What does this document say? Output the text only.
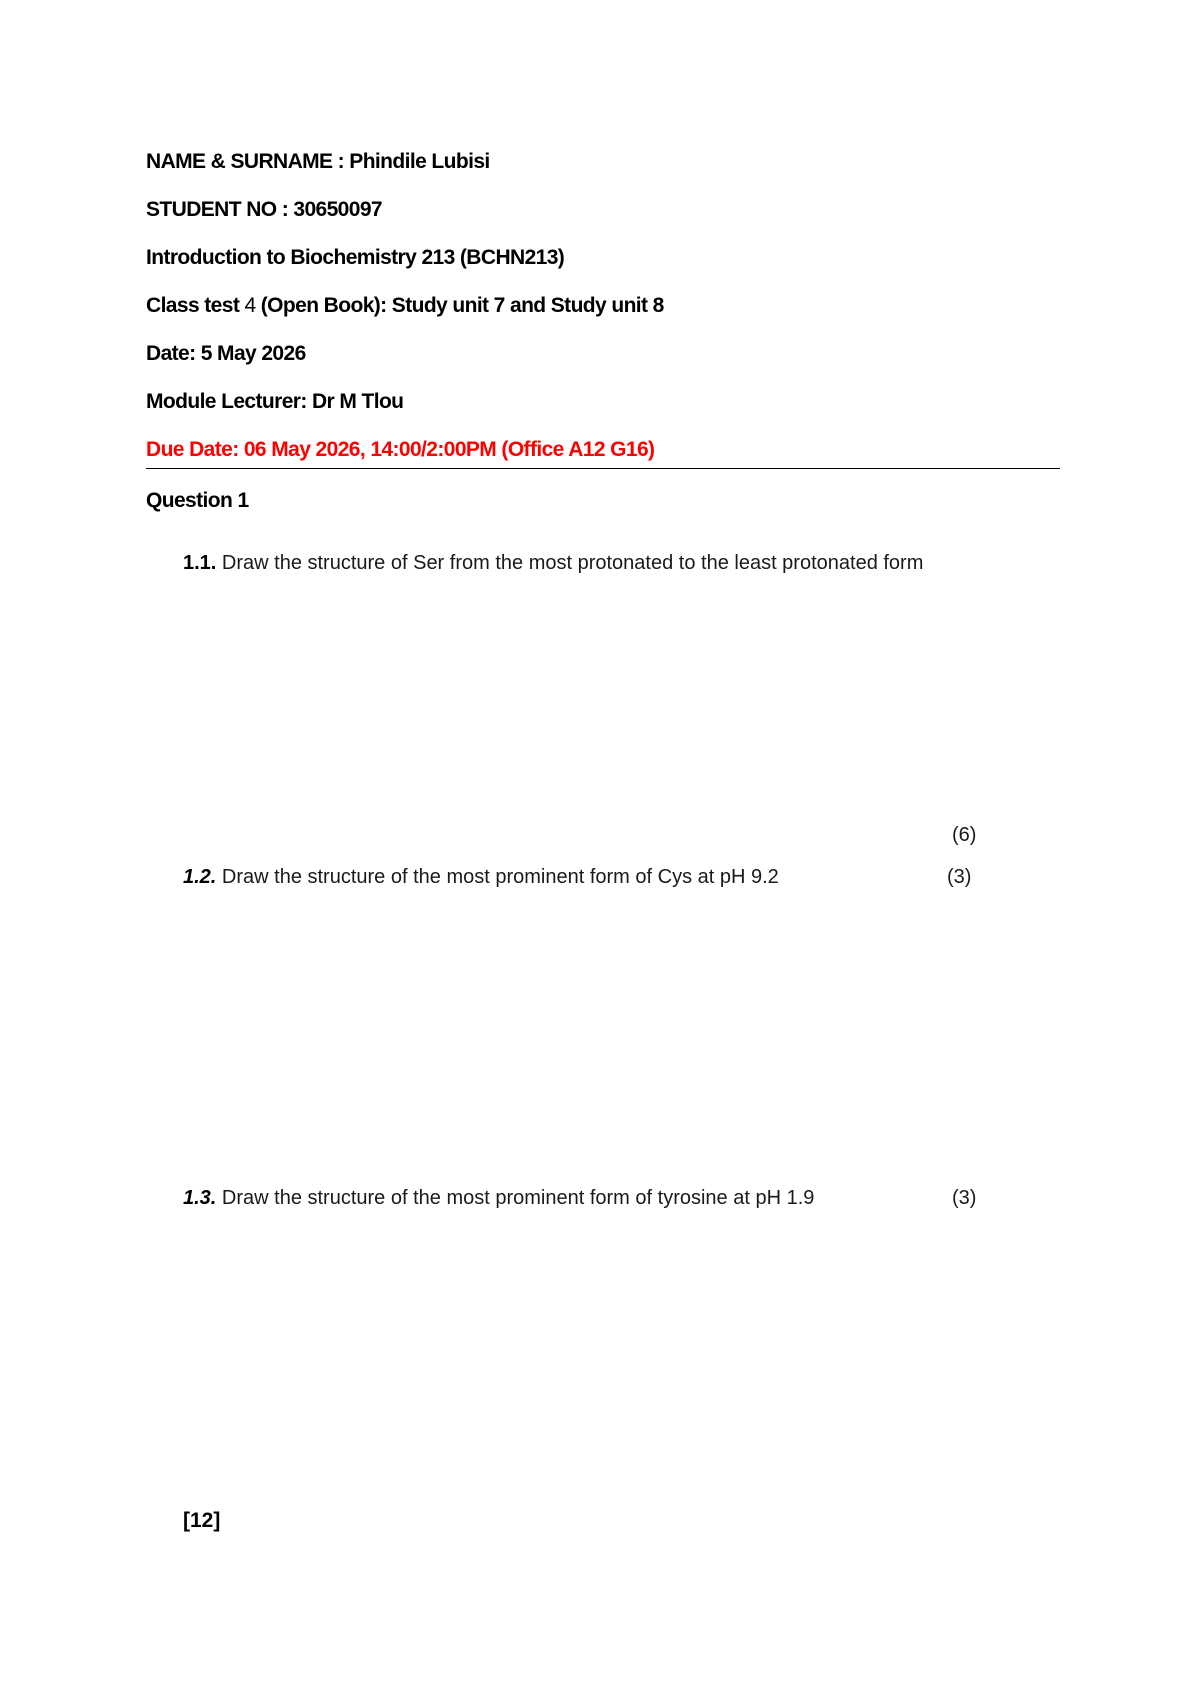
NAME & SURNAME : Phindile Lubisi
STUDENT NO : 30650097
Introduction to Biochemistry 213 (BCHN213)
Class test 4 (Open Book): Study unit 7 and Study unit 8
Date: 5 May 2026
Module Lecturer: Dr M Tlou
Due Date: 06 May 2026, 14:00/2:00PM (Office A12 G16)
Question 1
1.1. Draw the structure of Ser from the most protonated to the least protonated form
(6)
1.2. Draw the structure of the most prominent form of Cys at pH 9.2	(3)
1.3. Draw the structure of the most prominent form of tyrosine at pH 1.9	(3)
[12]
